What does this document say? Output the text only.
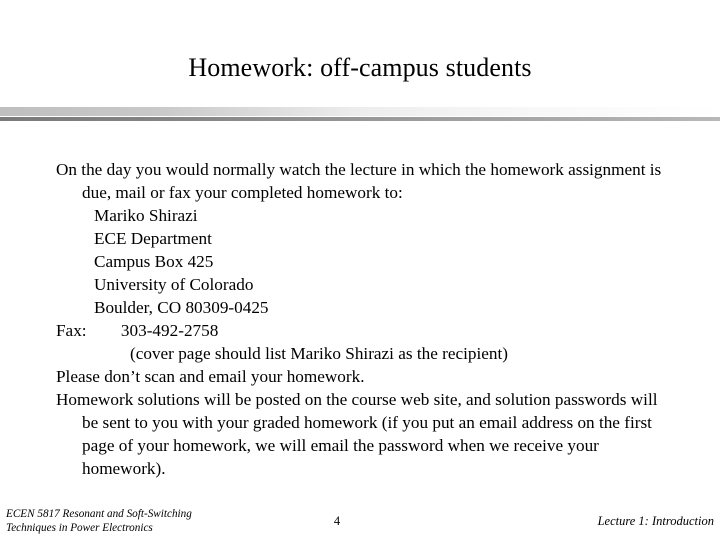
Homework: off-campus students
On the day you would normally watch the lecture in which the homework assignment is due, mail or fax your completed homework to:
Mariko Shirazi
ECE Department
Campus Box 425
University of Colorado
Boulder, CO 80309-0425
Fax:        303-492-2758
(cover page should list Mariko Shirazi as the recipient)
Please don’t scan and email your homework.
Homework solutions will be posted on the course web site, and solution passwords will be sent to you with your graded homework (if you put an email address on the first page of your homework, we will email the password when we receive your homework).
ECEN 5817 Resonant and Soft-Switching
Techniques in Power Electronics	4	Lecture 1: Introduction
